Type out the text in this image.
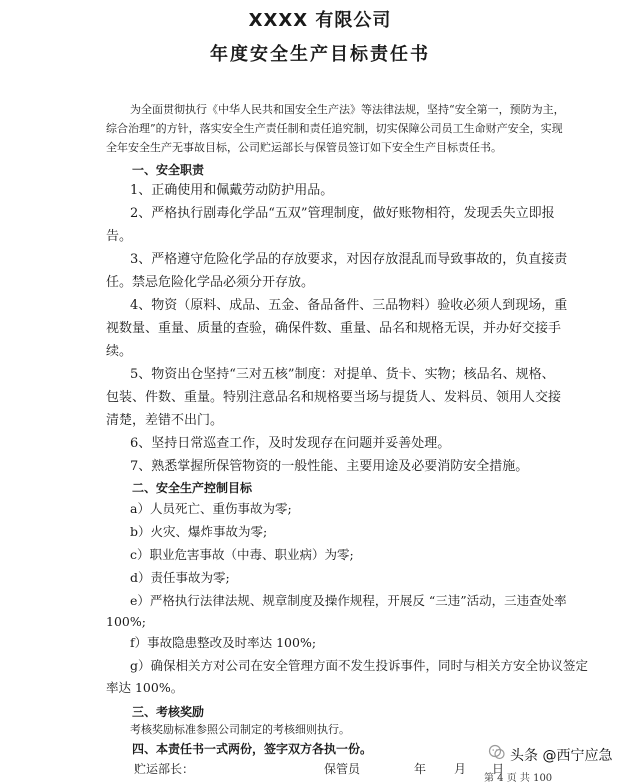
XXXX 有限公司
年度安全生产目标责任书
为全面贯彻执行《中华人民共和国安全生产法》等法律法规，坚持“安全第一，预防为主，
综合治理”的方针，落实安全生产责任制和责任追究制，切实保障公司员工生命财产安全，实现
全年安全生产无事故目标，公司贮运部长与保管员签订如下安全生产目标责任书。
一、安全职责
1、正确使用和佩戴劳动防护用品。
2、严格执行剧毒化学品“五双”管理制度，做好账物相符，发现丢失立即报
告。
3、严格遵守危险化学品的存放要求，对因存放混乱而导致事故的，负直接责
任。禁忌危险化学品必须分开存放。
4、物资（原料、成品、五金、备品备件、三品物料）验收必须人到现场，重
视数量、重量、质量的查验，确保件数、重量、品名和规格无误，并办好交接手
续。
5、物资出仓坚持“三对五核”制度：对提单、货卡、实物；核品名、规格、
包装、件数、重量。特别注意品名和规格要当场与提货人、发料员、领用人交接
清楚，差错不出门。
6、坚持日常巡查工作，及时发现存在问题并妥善处理。
7、熟悉掌握所保管物资的一般性能、主要用途及必要消防安全措施。
二、安全生产控制目标
a）人员死亡、重伤事故为零;
b）火灾、爆炸事故为零;
c）职业危害事故（中毒、职业病）为零;
d）责任事故为零;
e）严格执行法律法规、规章制度及操作规程，开展反 “三违”活动，三违查处率
100%;
f）事故隐患整改及时率达 100%;
g）确保相关方对公司在安全管理方面不发生投诉事件，同时与相关方安全协议签定
率达 100%。
三、考核奖励
考核奖励标准参照公司制定的考核细则执行。
四、本责任书一式两份，签字双方各执一份。
贮运部长：	保管员	年 月 日
第 4 页 共 100
头条 @西宁应急
